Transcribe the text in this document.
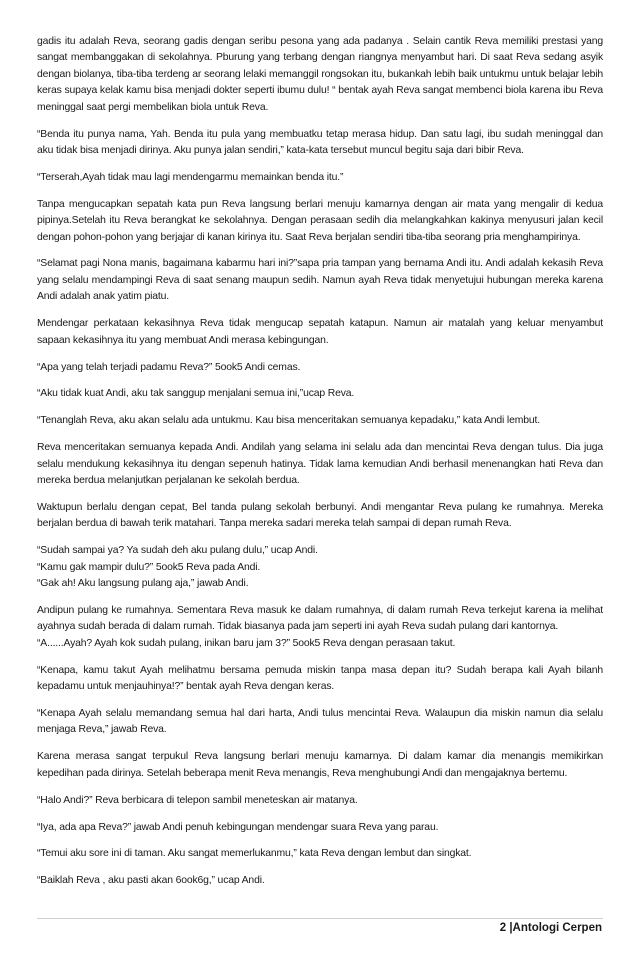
gadis itu adalah Reva, seorang gadis dengan seribu pesona yang ada padanya . Selain cantik Reva memiliki prestasi yang sangat membanggakan di sekolahnya. Pburung yang terbang dengan riangnya menyambut hari. Di saat Reva sedang asyik dengan biolanya, tiba-tiba terdeng ar seorang lelaki memanggil rongsokan itu, bukankah lebih baik untukmu untuk belajar lebih keras supaya kelak kamu bisa menjadi dokter seperti ibumu dulu! “ bentak ayah Reva sangat membenci biola karena ibu Reva meninggal saat pergi membelikan biola untuk Reva.

“Benda itu punya nama, Yah. Benda itu pula yang membuatku tetap merasa hidup. Dan satu lagi, ibu sudah meninggal dan aku tidak bisa menjadi dirinya. Aku punya jalan sendiri,” kata-kata tersebut muncul begitu saja dari bibir Reva.

“Terserah,Ayah tidak mau lagi mendengarmu memainkan benda itu.”

Tanpa mengucapkan sepatah kata pun Reva langsung berlari menuju kamarnya dengan air mata yang mengalir di kedua pipinya.Setelah itu Reva berangkat ke sekolahnya. Dengan perasaan sedih dia melangkahkan kakinya menyusuri jalan kecil dengan pohon-pohon yang berjajar di kanan kirinya itu. Saat Reva berjalan sendiri tiba-tiba seorang pria menghampirinya.

“Selamat pagi Nona manis, bagaimana kabarmu hari ini?”sapa pria tampan yang bernama Andi itu. Andi adalah kekasih Reva yang selalu mendampingi Reva di saat senang maupun sedih. Namun ayah Reva tidak menyetujui hubungan mereka karena Andi adalah anak yatim piatu.

Mendengar perkataan kekasihnya Reva tidak mengucap sepatah katapun. Namun air matalah yang keluar menyambut sapaan kekasihnya itu yang membuat Andi merasa kebingungan.

“Apa yang telah terjadi padamu Reva?” 5ook5 Andi cemas.

“Aku tidak kuat Andi, aku tak sanggup menjalani semua ini,”ucap Reva.

“Tenanglah Reva, aku akan selalu ada untukmu. Kau bisa menceritakan semuanya kepadaku,” kata Andi lembut.

Reva menceritakan semuanya kepada Andi. Andilah yang selama ini selalu ada dan mencintai Reva dengan tulus. Dia juga selalu mendukung kekasihnya itu dengan sepenuh hatinya. Tidak lama kemudian Andi berhasil menenangkan hati Reva dan mereka berdua melanjutkan perjalanan ke sekolah berdua.

Waktupun berlalu dengan cepat, Bel tanda pulang sekolah berbunyi. Andi mengantar Reva pulang ke rumahnya. Mereka berjalan berdua di bawah terik matahari. Tanpa mereka sadari mereka telah sampai di depan rumah Reva.

“Sudah sampai ya? Ya sudah deh aku pulang dulu,” ucap Andi.

“Kamu gak mampir dulu?” 5ook5 Reva pada Andi.

“Gak ah! Aku langsung pulang aja,” jawab Andi.

Andipun pulang ke rumahnya. Sementara Reva masuk ke dalam rumahnya, di dalam rumah Reva terkejut karena ia melihat ayahnya sudah berada di dalam rumah. Tidak biasanya pada jam seperti ini ayah Reva sudah pulang dari kantornya.

“A......Ayah? Ayah kok sudah pulang, inikan baru jam 3?” 5ook5 Reva dengan perasaan takut.

“Kenapa, kamu takut Ayah melihatmu bersama pemuda miskin tanpa masa depan itu? Sudah berapa kali Ayah bilanh kepadamu untuk menjauhinya!?” bentak ayah Reva dengan keras.

“Kenapa Ayah selalu memandang semua hal dari harta, Andi tulus mencintai Reva. Walaupun dia miskin namun dia selalu menjaga Reva,” jawab Reva.

Karena merasa sangat terpukul Reva langsung berlari menuju kamarnya. Di dalam kamar dia menangis memikirkan kepedihan pada dirinya. Setelah beberapa menit Reva menangis, Reva menghubungi Andi dan mengajaknya bertemu.

“Halo Andi?” Reva berbicara di telepon sambil meneteskan air matanya.

“Iya, ada apa Reva?” jawab Andi penuh kebingungan mendengar suara Reva yang parau.

“Temui aku sore ini di taman. Aku sangat memerlukanmu,” kata Reva dengan lembut dan singkat.

“Baiklah Reva , aku pasti akan 6ook6g,” ucap Andi.

2 |Antologi Cerpen
